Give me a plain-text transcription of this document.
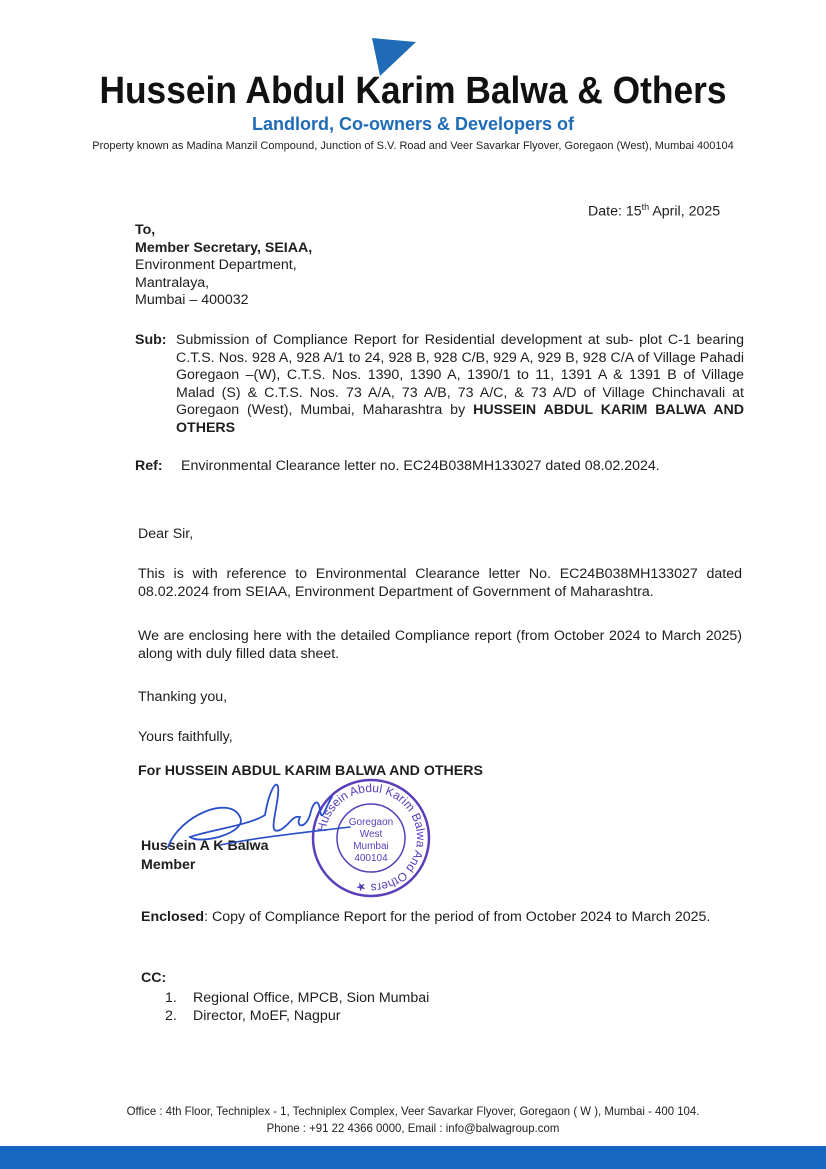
Hussein Abdul Karim Balwa & Others
Landlord, Co-owners & Developers of
Property known as Madina Manzil Compound, Junction of S.V. Road and Veer Savarkar Flyover, Goregaon (West), Mumbai 400104
Date: 15th April, 2025
To,
Member Secretary, SEIAA,
Environment Department,
Mantralaya,
Mumbai – 400032
Sub: Submission of Compliance Report for Residential development at sub- plot C-1 bearing C.T.S. Nos. 928 A, 928 A/1 to 24, 928 B, 928 C/B, 929 A, 929 B, 928 C/A of Village Pahadi Goregaon –(W), C.T.S. Nos. 1390, 1390 A, 1390/1 to 11, 1391 A & 1391 B of Village Malad (S) & C.T.S. Nos. 73 A/A, 73 A/B, 73 A/C, & 73 A/D of Village Chinchavali at Goregaon (West), Mumbai, Maharashtra by HUSSEIN ABDUL KARIM BALWA AND OTHERS
Ref:	Environmental Clearance letter no. EC24B038MH133027 dated 08.02.2024.
Dear Sir,
This is with reference to Environmental Clearance letter No. EC24B038MH133027 dated 08.02.2024 from SEIAA, Environment Department of Government of Maharashtra.
We are enclosing here with the detailed Compliance report (from October 2024 to March 2025) along with duly filled data sheet.
Thanking you,
Yours faithfully,
For HUSSEIN ABDUL KARIM BALWA AND OTHERS
Hussein A K Balwa
Member
Hussein Abdul Karim Balwa And Others ★
Goregaon
West
Mumbai
400104
Enclosed : Copy of Compliance Report for the period of from October 2024 to March 2025.
CC:
1.	Regional Office, MPCB, Sion Mumbai
2.	Director, MoEF, Nagpur
Office : 4th Floor, Techniplex - 1, Techniplex Complex, Veer Savarkar Flyover, Goregaon ( W ), Mumbai - 400 104.
Phone : +91 22 4366 0000, Email : info@balwagroup.com
